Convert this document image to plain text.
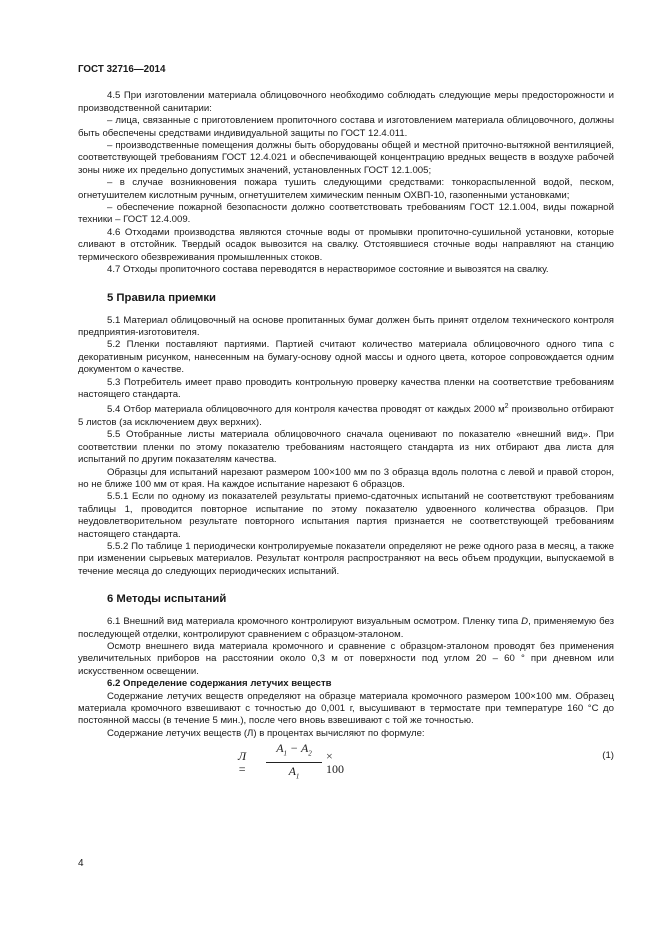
ГОСТ 32716—2014

4.5 При изготовлении материала облицовочного необходимо соблюдать следующие меры предосторожности и производственной санитарии:

– лица, связанные с приготовлением пропиточного состава и изготовлением материала облицовочного, должны быть обеспечены средствами индивидуальной защиты по ГОСТ 12.4.011.

– производственные помещения должны быть оборудованы общей и местной приточно-вытяжной вентиляцией, соответствующей требованиям ГОСТ 12.4.021 и обеспечивающей концентрацию вредных веществ в воздухе рабочей зоны ниже их предельно допустимых значений, установленных ГОСТ 12.1.005;

– в случае возникновения пожара тушить следующими средствами: тонкораспыленной водой, песком, огнетушителем кислотным ручным, огнетушителем химическим пенным ОХВП-10, газопенными установками;

– обеспечение пожарной безопасности должно соответствовать требованиям ГОСТ 12.1.004, виды пожарной техники – ГОСТ 12.4.009.

4.6 Отходами производства являются сточные воды от промывки пропиточно-сушильной установки, которые сливают в отстойник. Твердый осадок вывозится на свалку. Отстоявшиеся сточные воды направляют на станцию термического обезвреживания промышленных стоков.

4.7 Отходы пропиточного состава переводятся в нерастворимое состояние и вывозятся на свалку.

5 Правила приемки

5.1 Материал облицовочный на основе пропитанных бумаг должен быть принят отделом технического контроля предприятия-изготовителя.

5.2 Пленки поставляют партиями. Партией считают количество материала облицовочного одного типа с декоративным рисунком, нанесенным на бумагу-основу одной массы и одного цвета, которое сопровождается одним документом о качестве.

5.3 Потребитель имеет право проводить контрольную проверку качества пленки на соответствие требованиям настоящего стандарта.

5.4 Отбор материала облицовочного для контроля качества проводят от каждых 2000 $м^2$ произвольно отбирают 5 листов (за исключением двух верхних).

5.5 Отобранные листы материала облицовочного сначала оценивают по показателю «внешний вид». При соответствии пленки по этому показателю требованиям настоящего стандарта из них отбирают два листа для испытаний по другим показателям качества.

Образцы для испытаний нарезают размером 100×100 мм по 3 образца вдоль полотна с левой и правой сторон, но не ближе 100 мм от края. На каждое испытание нарезают 6 образцов.

5.5.1 Если по одному из показателей результаты приемо-сдаточных испытаний не соответствуют требованиям таблицы 1, проводится повторное испытание по этому показателю удвоенного количества образцов. При неудовлетворительном результате повторного испытания партия признается не соответствующей требованиям настоящего стандарта.

5.5.2 По таблице 1 периодически контролируемые показатели определяют не реже одного раза в месяц, а также при изменении сырьевых материалов. Результат контроля распространяют на весь объем продукции, выпускаемой в течение месяца до следующих периодических испытаний.

6 Методы испытаний

6.1 Внешний вид материала кромочного контролируют визуальным осмотром. Пленку типа D, применяемую без последующей отделки, контролируют сравнением с образцом-эталоном.

Осмотр внешнего вида материала кромочного и сравнение с образцом-эталоном проводят без применения увеличительных приборов на расстоянии около 0,3 м от поверхности под углом 20 – 60 ° при дневном или искусственном освещении.

6.2 Определение содержания летучих веществ

Содержание летучих веществ определяют на образце материала кромочного размером 100×100 мм. Образец материала кромочного взвешивают с точностью до 0,001 г, высушивают в термостате при температуре 160 °С до постоянной массы (в течение 5 мин.), после чего вновь взвешивают с той же точностью.

Содержание летучих веществ (Л) в процентах вычисляют по формуле:

Л =
$A_1 - A_2$
$A_1$
× 100
(1)
4
